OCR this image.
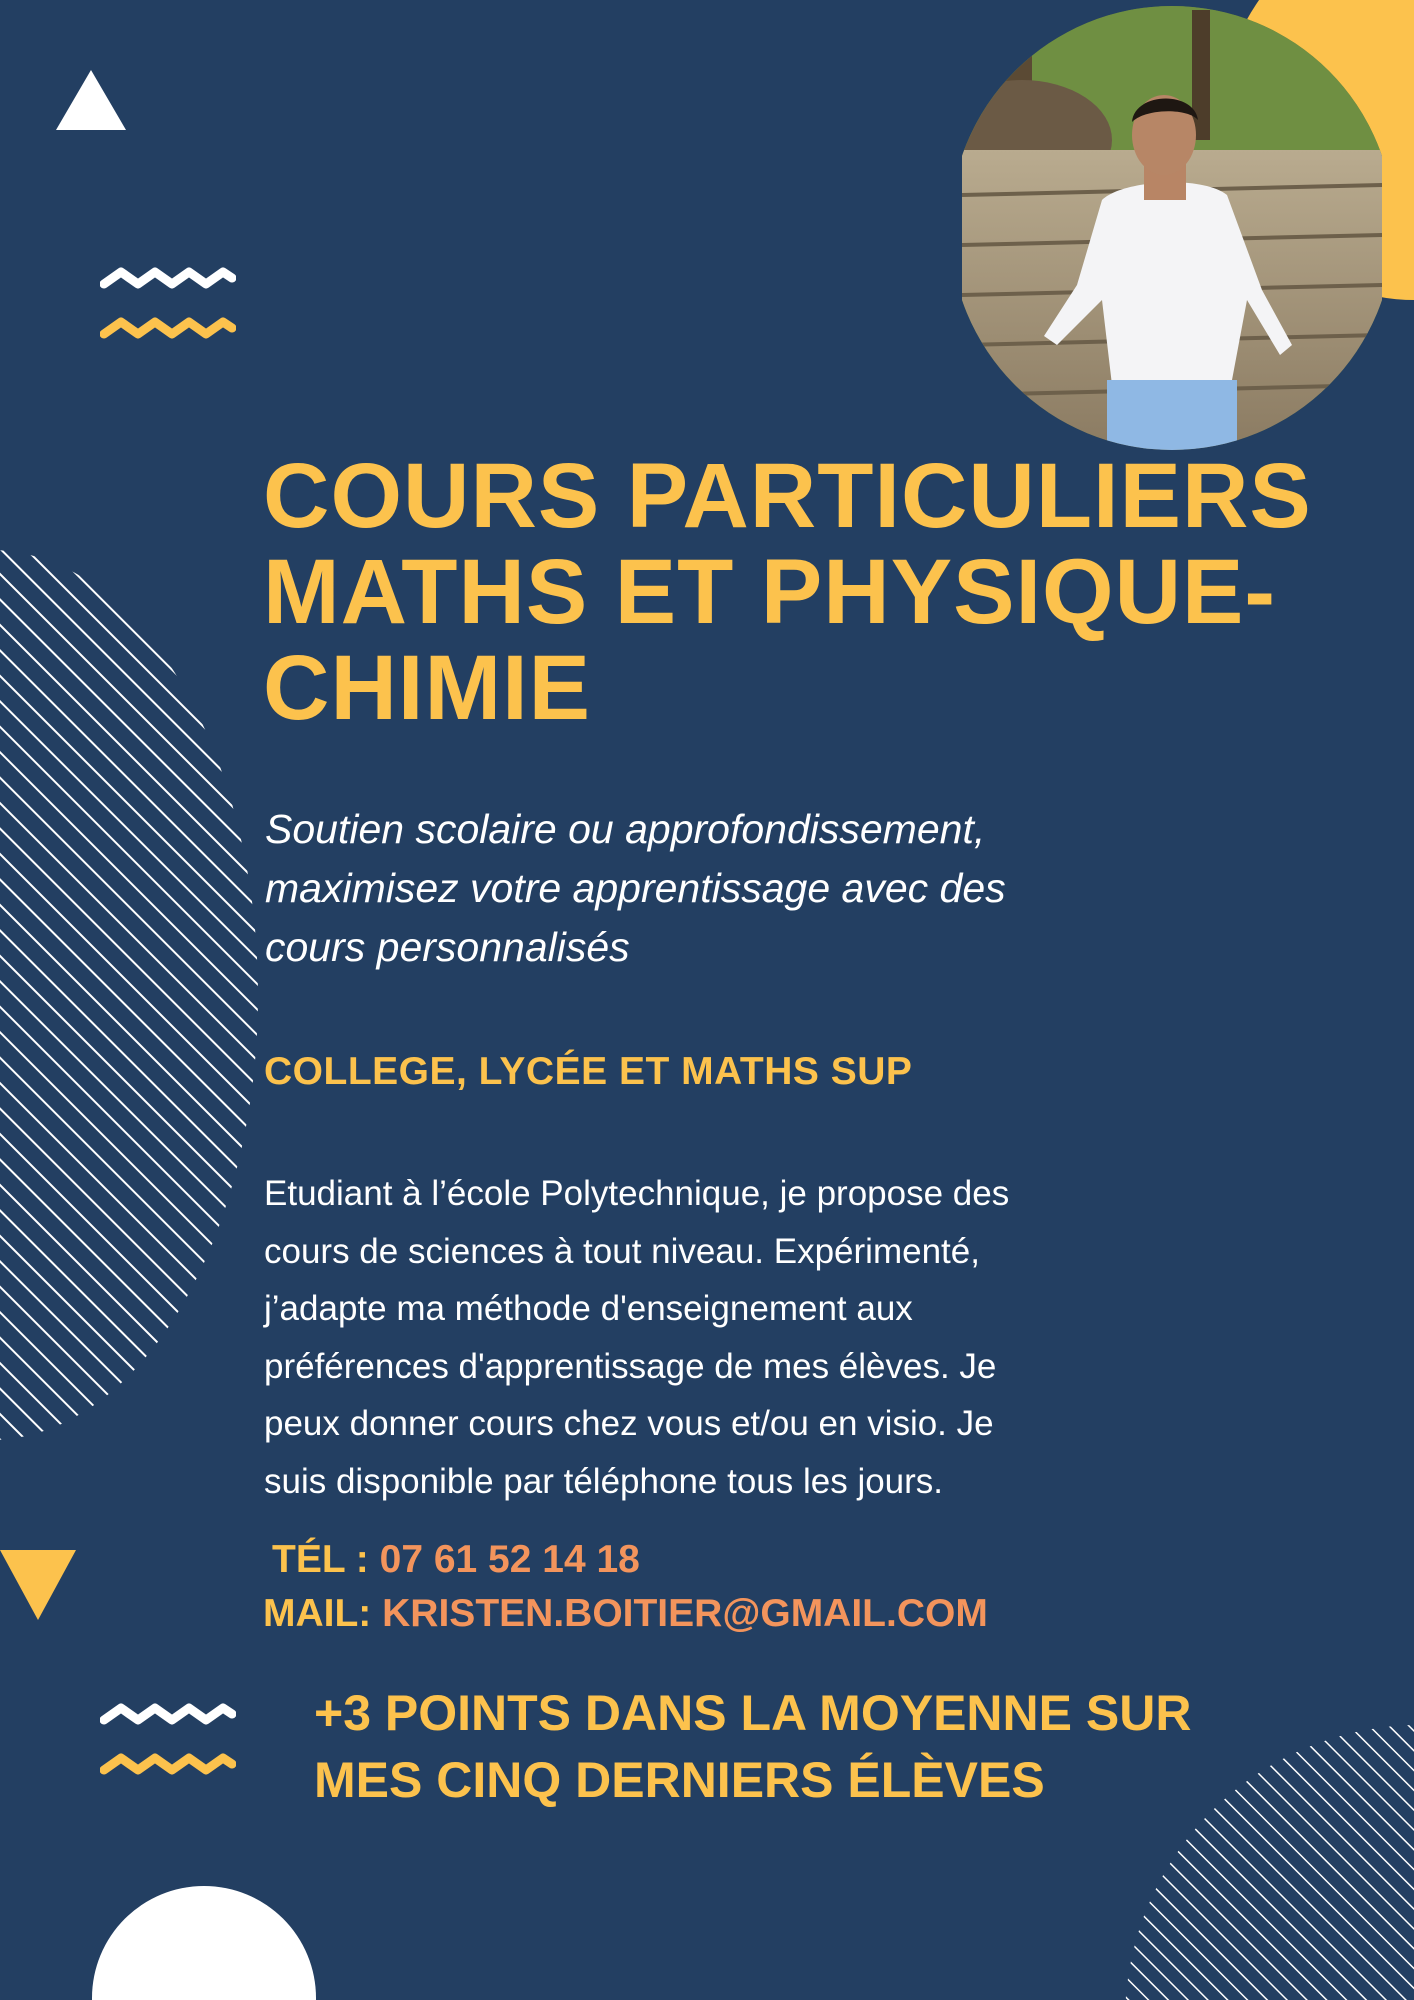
COURS PARTICULIERS
MATHS ET PHYSIQUE-
CHIMIE
Soutien scolaire ou approfondissement,
maximisez votre apprentissage avec des
cours personnalisés
COLLEGE, LYCÉE ET MATHS SUP
Etudiant à l’école Polytechnique, je propose des
cours de sciences à tout niveau. Expérimenté,
j’adapte ma méthode d'enseignement aux
préférences d'apprentissage de mes élèves. Je
peux donner cours chez vous et/ou en visio. Je
suis disponible par téléphone tous les jours.
TÉL : 07 61 52 14 18
MAIL: KRISTEN.BOITIER@GMAIL.COM
+3 POINTS DANS LA MOYENNE SUR
MES CINQ DERNIERS ÉLÈVES
